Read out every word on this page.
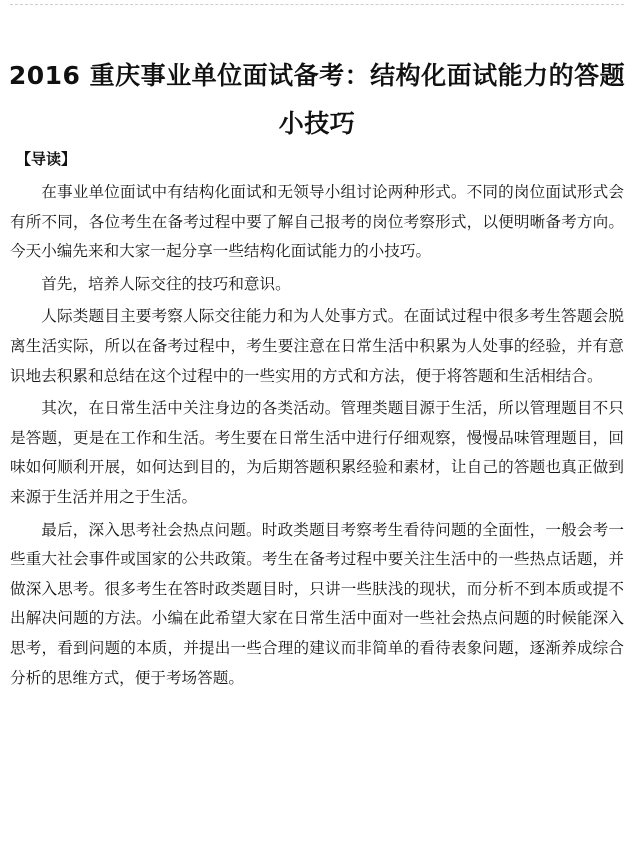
2016 重庆事业单位面试备考：结构化面试能力的答题
小技巧
【导读】

在事业单位面试中有结构化面试和无领导小组讨论两种形式。不同的岗位面试形式会有所不同，各位考生在备考过程中要了解自己报考的岗位考察形式，以便明晰备考方向。今天小编先来和大家一起分享一些结构化面试能力的小技巧。

首先，培养人际交往的技巧和意识。

人际类题目主要考察人际交往能力和为人处事方式。在面试过程中很多考生答题会脱离生活实际，所以在备考过程中，考生要注意在日常生活中积累为人处事的经验，并有意识地去积累和总结在这个过程中的一些实用的方式和方法，便于将答题和生活相结合。

其次，在日常生活中关注身边的各类活动。管理类题目源于生活，所以管理题目不只是答题，更是在工作和生活。考生要在日常生活中进行仔细观察，慢慢品味管理题目，回味如何顺利开展，如何达到目的，为后期答题积累经验和素材，让自己的答题也真正做到来源于生活并用之于生活。

最后，深入思考社会热点问题。时政类题目考察考生看待问题的全面性，一般会考一些重大社会事件或国家的公共政策。考生在备考过程中要关注生活中的一些热点话题，并做深入思考。很多考生在答时政类题目时，只讲一些肤浅的现状，而分析不到本质或提不出解决问题的方法。小编在此希望大家在日常生活中面对一些社会热点问题的时候能深入思考，看到问题的本质，并提出一些合理的建议而非简单的看待表象问题，逐渐养成综合分析的思维方式，便于考场答题。
